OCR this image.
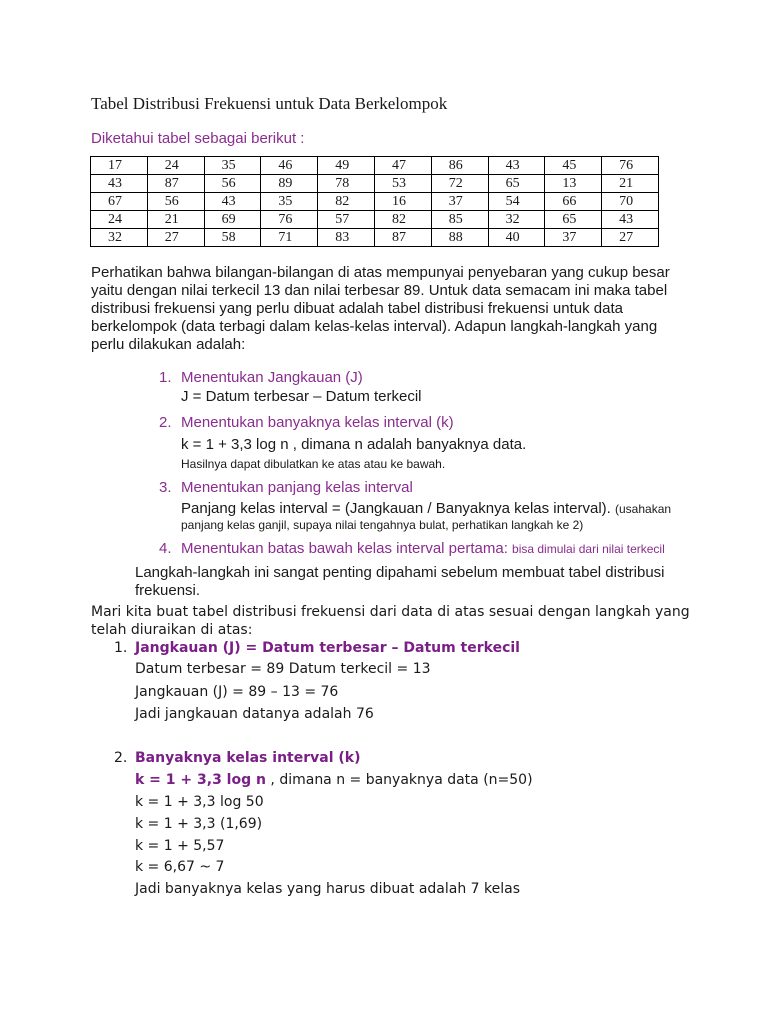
Tabel Distribusi Frekuensi untuk Data Berkelompok
Diketahui tabel sebagai berikut :
17	24	35	46	49	47	86	43	45	76
43	87	56	89	78	53	72	65	13	21
67	56	43	35	82	16	37	54	66	70
24	21	69	76	57	82	85	32	65	43
32	27	58	71	83	87	88	40	37	27
Perhatikan bahwa bilangan-bilangan di atas mempunyai penyebaran yang cukup besar yaitu dengan nilai terkecil 13 dan nilai terbesar 89. Untuk data semacam ini maka tabel distribusi frekuensi yang perlu dibuat adalah tabel distribusi frekuensi untuk data berkelompok (data terbagi dalam kelas-kelas interval). Adapun langkah-langkah yang perlu dilakukan adalah:
1. Menentukan Jangkauan (J)
J = Datum terbesar – Datum terkecil
2. Menentukan banyaknya kelas interval (k)
k = 1 + 3,3 log n , dimana n adalah banyaknya data.
Hasilnya dapat dibulatkan ke atas atau ke bawah.
3. Menentukan panjang kelas interval
Panjang kelas interval = (Jangkauan / Banyaknya kelas interval). (usahakan
panjang kelas ganjil, supaya nilai tengahnya bulat, perhatikan langkah ke 2)
4. Menentukan batas bawah kelas interval pertama: bisa dimulai dari nilai terkecil
Langkah-langkah ini sangat penting dipahami sebelum membuat tabel distribusi frekuensi.
Mari kita buat tabel distribusi frekuensi dari data di atas sesuai dengan langkah yang telah diuraikan di atas:
1. Jangkauan (J) = Datum terbesar – Datum terkecil
Datum terbesar = 89 Datum terkecil = 13
Jangkauan (J) = 89 – 13 = 76
Jadi jangkauan datanya adalah 76
2. Banyaknya kelas interval (k)
k = 1 + 3,3 log n , dimana n = banyaknya data (n=50)
k = 1 + 3,3 log 50
k = 1 + 3,3 (1,69)
k = 1 + 5,57
k = 6,67 ~ 7
Jadi banyaknya kelas yang harus dibuat adalah 7 kelas
